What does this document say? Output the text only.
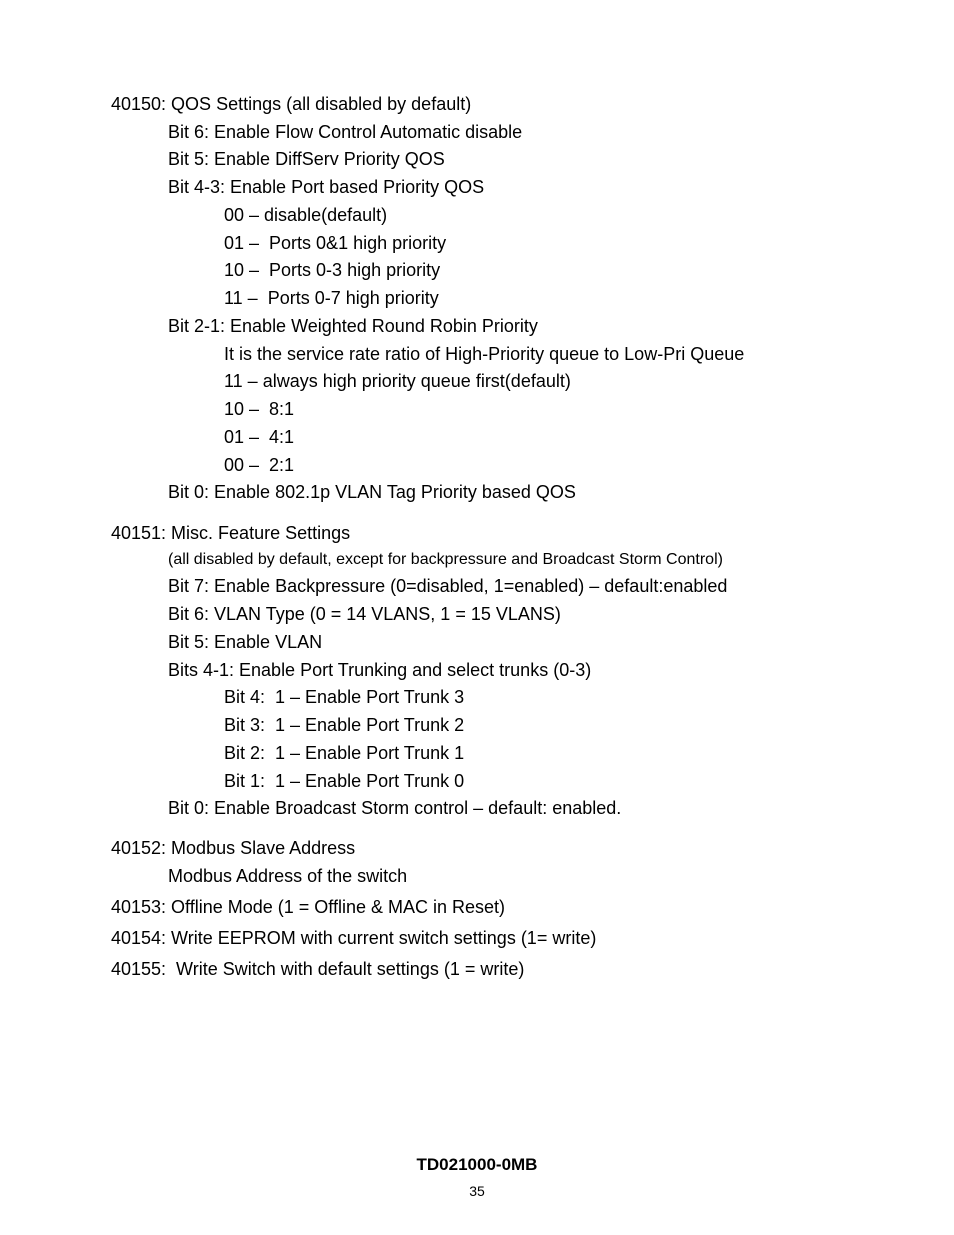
40150: QOS Settings (all disabled by default)
Bit 6: Enable Flow Control Automatic disable
Bit 5: Enable DiffServ Priority QOS
Bit 4-3: Enable Port based Priority QOS
00 – disable(default)
01 –  Ports 0&1 high priority
10 –  Ports 0-3 high priority
11 –  Ports 0-7 high priority
Bit 2-1: Enable Weighted Round Robin Priority
It is the service rate ratio of High-Priority queue to Low-Pri Queue
11 – always high priority queue first(default)
10 –  8:1
01 –  4:1
00 –  2:1
Bit 0: Enable 802.1p VLAN Tag Priority based QOS
40151: Misc. Feature Settings
(all disabled by default, except for backpressure and Broadcast Storm Control)
Bit 7: Enable Backpressure (0=disabled, 1=enabled) – default:enabled
Bit 6: VLAN Type (0 = 14 VLANS, 1 = 15 VLANS)
Bit 5: Enable VLAN
Bits 4-1: Enable Port Trunking and select trunks (0-3)
Bit 4:  1 – Enable Port Trunk 3
Bit 3:  1 – Enable Port Trunk 2
Bit 2:  1 – Enable Port Trunk 1
Bit 1:  1 – Enable Port Trunk 0
Bit 0: Enable Broadcast Storm control – default: enabled.
40152: Modbus Slave Address
Modbus Address of the switch
40153: Offline Mode (1 = Offline & MAC in Reset)
40154: Write EEPROM with current switch settings (1= write)
40155:  Write Switch with default settings (1 = write)
TD021000-0MB
35
